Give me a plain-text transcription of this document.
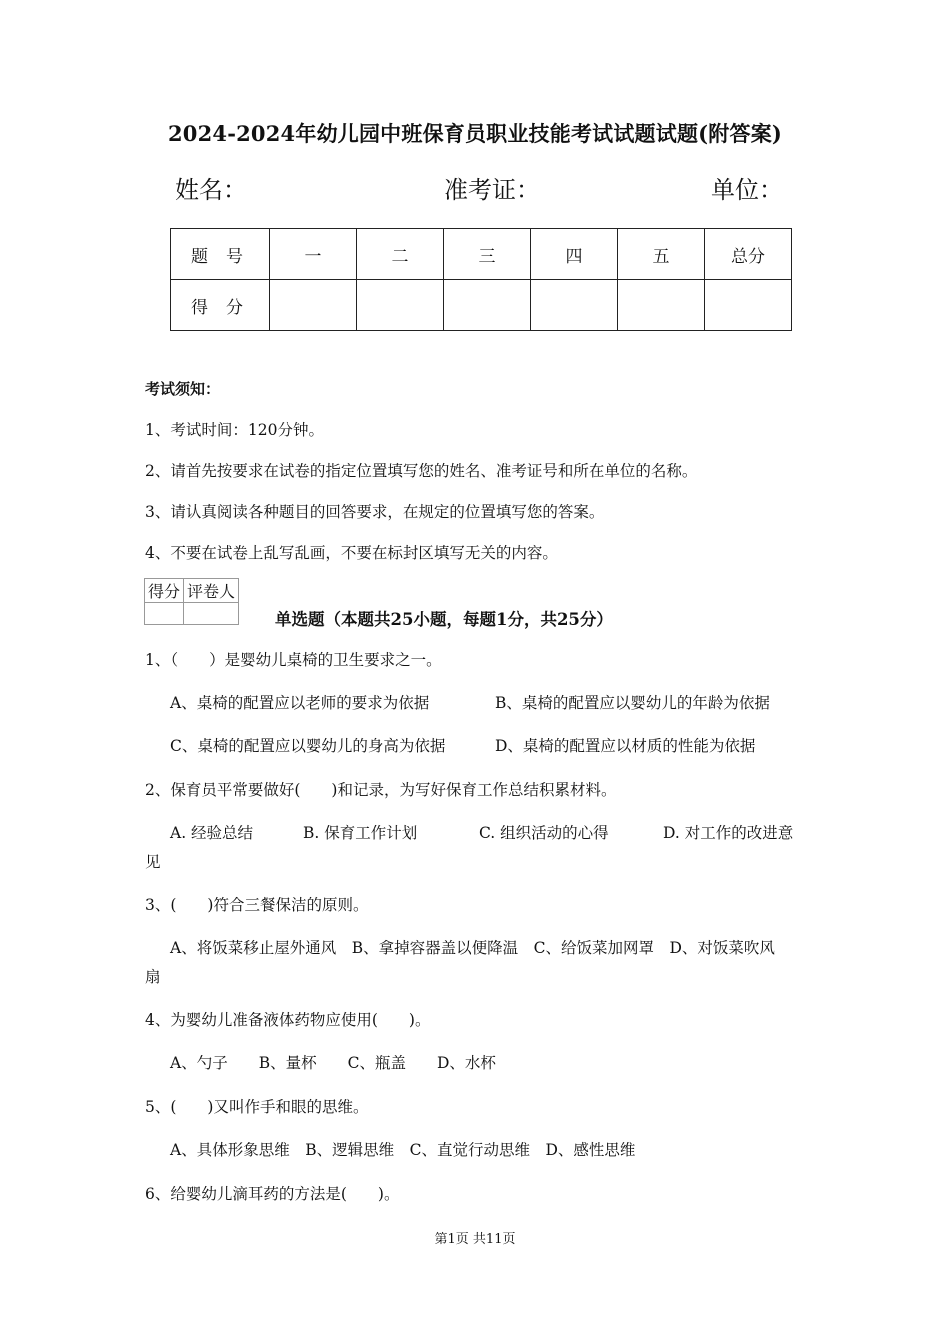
2024-2024年幼儿园中班保育员职业技能考试试题试题(附答案)
姓名：	准考证：	单位：
题号	一	二	三	四	五	总分
得分						
考试须知：
1、考试时间：120分钟。
2、请首先按要求在试卷的指定位置填写您的姓名、准考证号和所在单位的名称。
3、请认真阅读各种题目的回答要求，在规定的位置填写您的答案。
4、不要在试卷上乱写乱画，不要在标封区填写无关的内容。
得分	评卷人

单选题（本题共25小题，每题1分，共25分）
1、（　　）是婴幼儿桌椅的卫生要求之一。
A、桌椅的配置应以老师的要求为依据	B、桌椅的配置应以婴幼儿的年龄为依据
C、桌椅的配置应以婴幼儿的身高为依据	D、桌椅的配置应以材质的性能为依据
2、保育员平常要做好(　　)和记录，为写好保育工作总结积累材料。
A. 经验总结	B. 保育工作计划	C. 组织活动的心得	D. 对工作的改进意
见
3、(　　)符合三餐保洁的原则。
A、将饭菜移止屋外通风　B、拿掉容器盖以便降温　C、给饭菜加网罩　D、对饭菜吹风
扇
4、为婴幼儿准备液体药物应使用(　　)。
A、勺子　　B、量杯　　C、瓶盖　　D、水杯
5、(　　)又叫作手和眼的思维。
A、具体形象思维　B、逻辑思维　C、直觉行动思维　D、感性思维
6、给婴幼儿滴耳药的方法是(　　)。
第1页 共11页
